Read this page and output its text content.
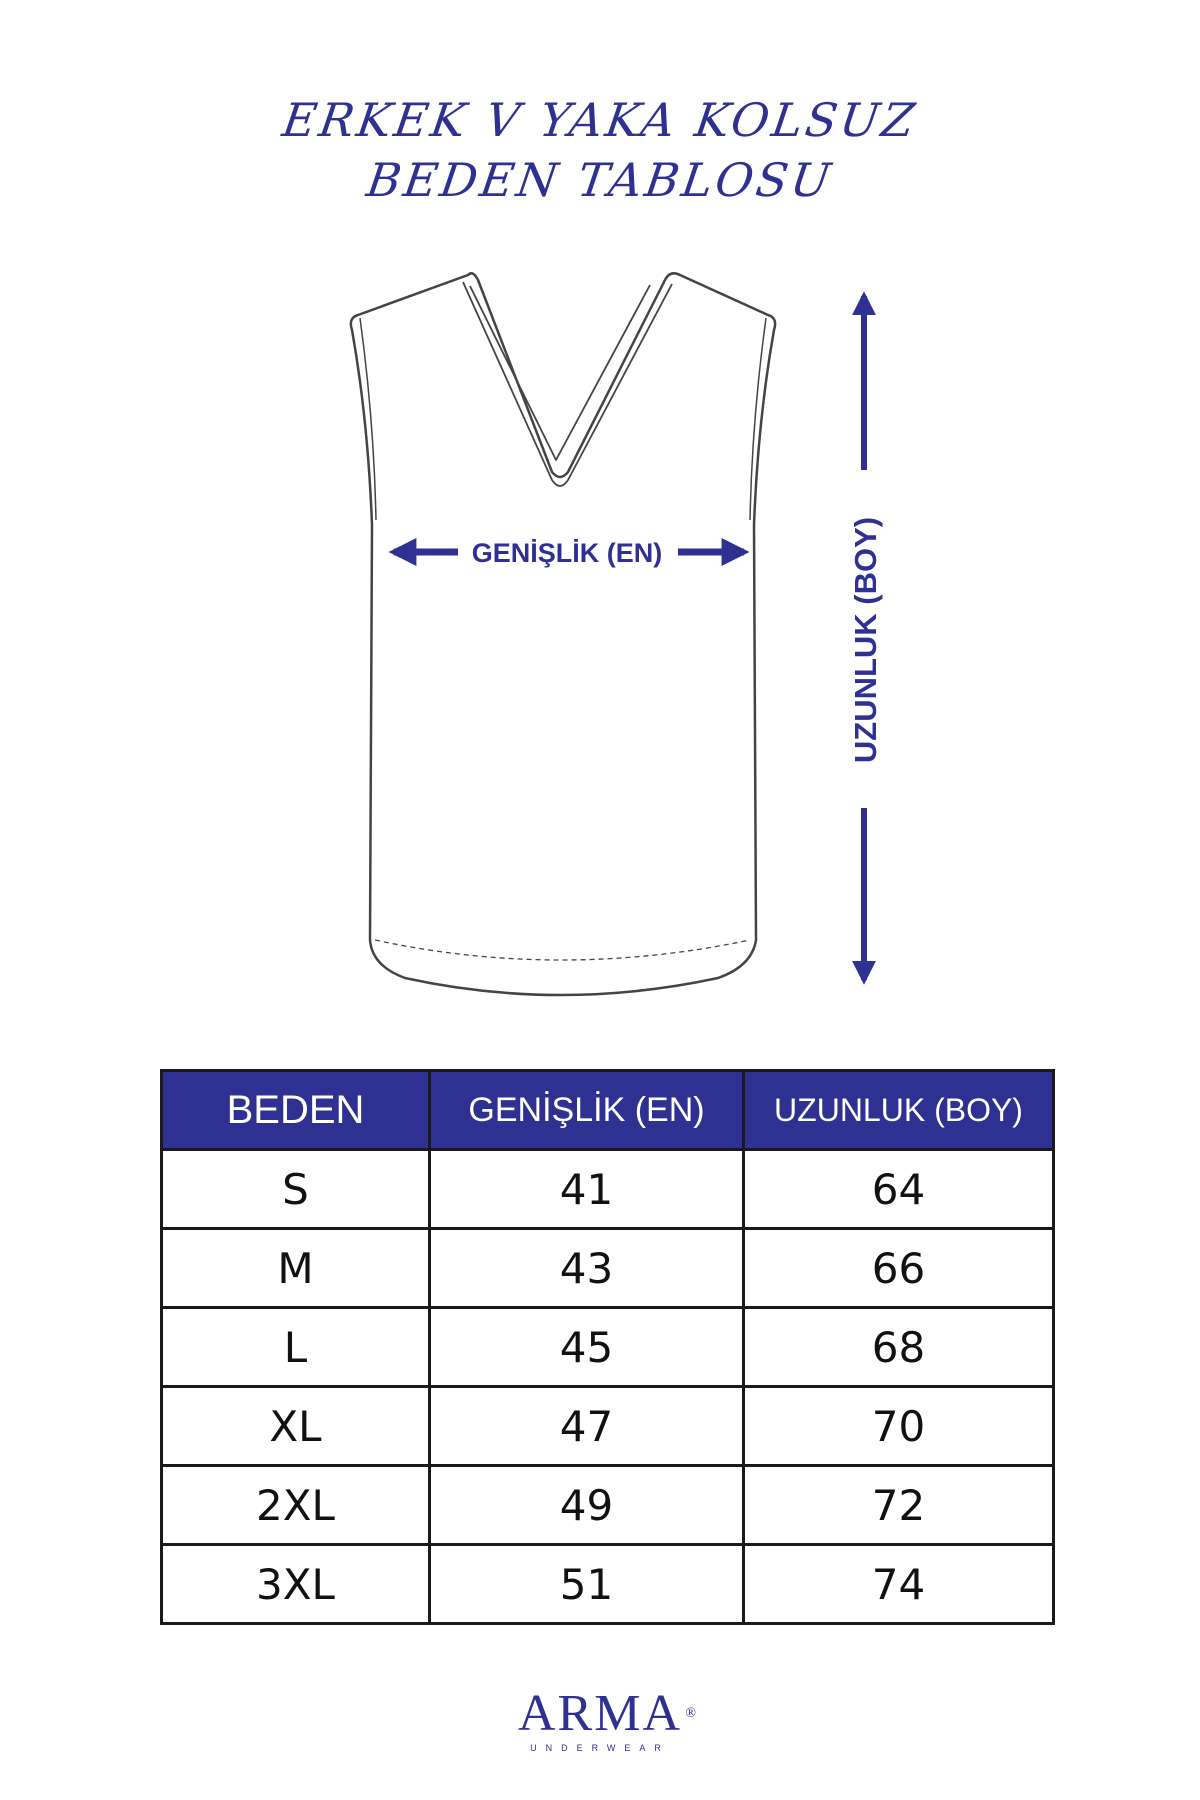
ERKEK V YAKA KOLSUZ
BEDEN TABLOSU
GENİŞLİK (EN)	UZUNLUK (BOY)
BEDEN	GENİŞLİK (EN)	UZUNLUK (BOY)
S	41	64
M	43	66
L	45	68
XL	47	70
2XL	49	72
3XL	51	74
ARMA ®
UNDERWEAR
